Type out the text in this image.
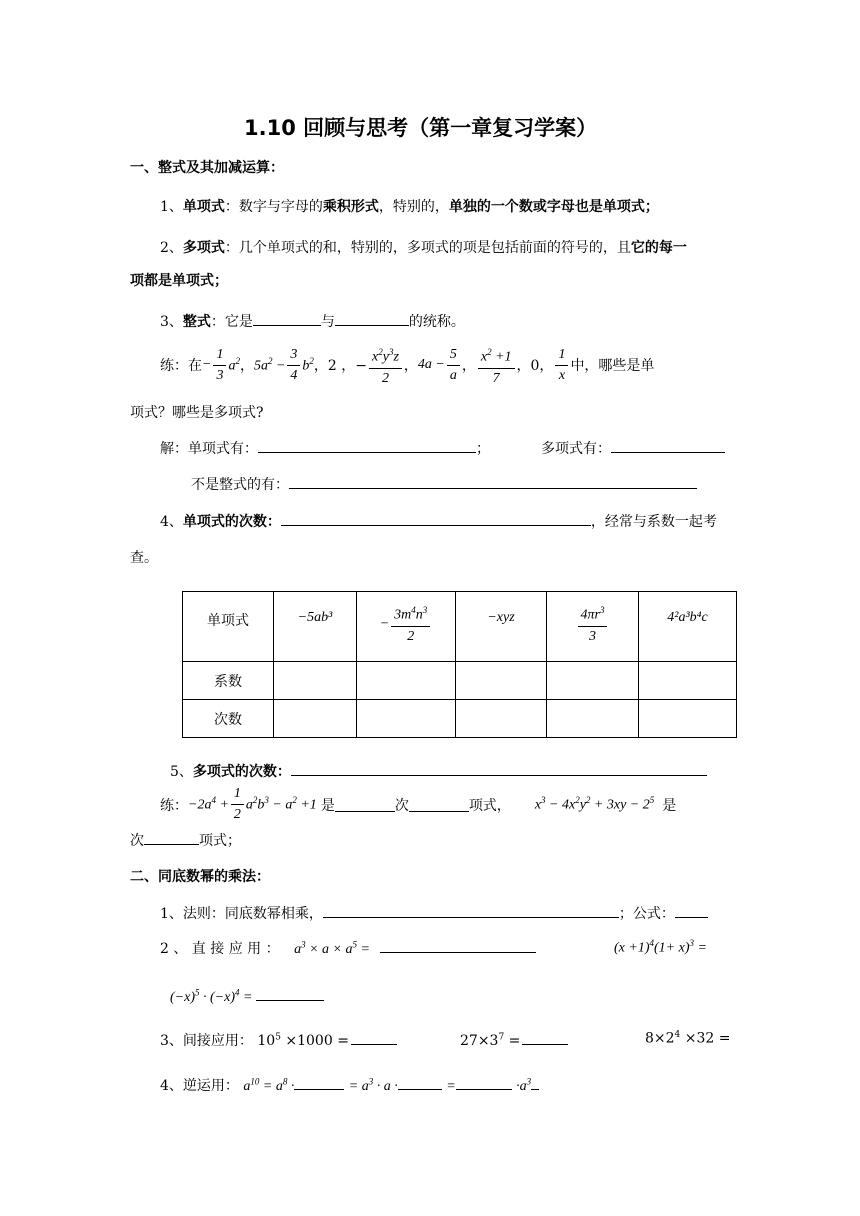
1.10 回顾与思考（第一章复习学案）
一、整式及其加减运算：
1、单项式：数字与字母的乘积形式，特别的，单独的一个数或字母也是单项式；
2、多项式：几个单项式的和，特别的，多项式的项是包括前面的符号的，且它的每一
项都是单项式；
3、整式：它是	与	的统称。
练：在 − $\frac{1}{3} a^2$ ， $5a^2 - \frac{3}{4} b^2$ ，2 ，− $\frac{x^2y^3z}{2}$ ， $4a - \frac{5}{a}$ ， $\frac{x^2 +1}{7}$ ，0， $\frac{1}{x}$ 中，哪些是单
项式？哪些是多项式?
解：单项式有：	；	多项式有：
不是整式的有：
4、单项式的次数：	，经常与系数一起考
查。
单项式	−5ab³	− $\frac{3m^4n^3}{2}$	−xyz	$\frac{4\pi r^3}{3}$	4²a³b⁴c
系数					
次数					
5、多项式的次数：
练： $-2a^4 + \frac{1}{2} a^2b^3 - a^2 +1$ 是	次	项式， $x^3 - 4x^2y^2 + 3xy - 2^5$ 是
次	项式；
二、同底数幂的乘法：
1、法则：同底数幂相乘，	；公式：
2 、 直 接 应 用 ： $a^3 \times a \times a^5$ =	$(x +1)^4(1+ x)^3$ =
$(-x)^5 \cdot (-x)^4$ =
3、间接应用： $10^5 \times 1000$ =	$27\times 3^7$ =	$8\times 2^4 \times 32$ =
4、逆运用： $a^{10} = a^8$ ·	= $a^3 \cdot a$ ·	=	$\cdot a^3$
